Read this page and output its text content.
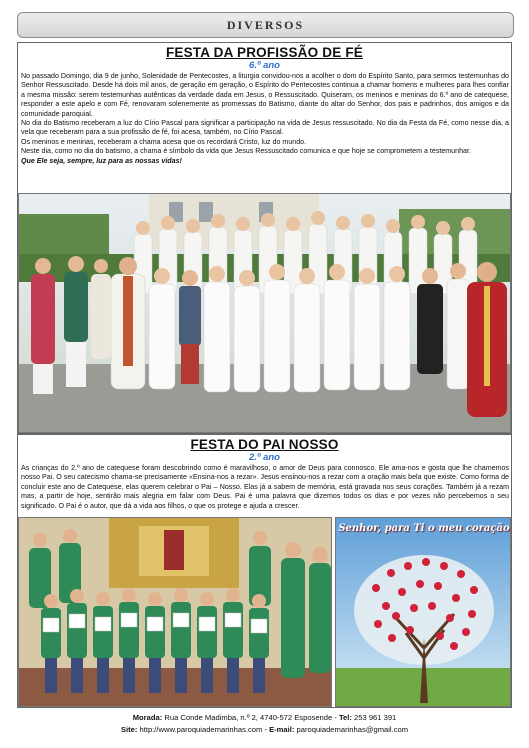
DIVERSOS
FESTA DA PROFISSÃO DE FÉ
6.º ano

No passado Domingo, dia 9 de junho, Solenidade de Pentecostes, a liturgia convidou-nos a acolher o dom do Espírito Santo, para sermos testemunhas do Senhor Ressuscitado. Desde há dois mil anos, de geração em geração, o Espírito do Pentecostes continua a chamar homens e mulheres para lhes confiar a mesma missão: serem testemunhas autênticas da verdade dada em Jesus, o Ressuscitado. Quiseram, os meninos e meninas do 6.º ano de catequese, responder a este apelo e com Fé, renovaram solenemente as promessas do Batismo, diante do altar do Senhor, dos pais e padrinhos, dos amigos e da comunidade paroquial.

No dia do Batismo receberam a luz do Círio Pascal para significar a participação na vida de Jesus ressuscitado. No dia da Festa da Fé, como nesse dia, a vela que receberam para a sua profissão de fé, foi acesa, também, no Círio Pascal.

Os meninos e meninas, receberam a chama acesa que os recordará Cristo, luz do mundo.

Neste dia, como no dia do batismo, a chama é símbolo da vida que Jesus Ressuscitado comunica e que hoje se comprometem a testemunhar.

Que Ele seja, sempre, luz para as nossas vidas!

FESTA DO PAI NOSSO
2.º ano

As crianças do 2.º ano de catequese foram descobrindo como é maravilhoso, o amor de Deus para connosco. Ele ama-nos e gosta que lhe chamemos nosso Pai. O seu catecismo chama-se precisamente «Ensina-nos a rezar». Jesus ensinou-nos a rezar com a oração mais bela que existe. Como forma de concluir este ano de Catequese, elas querem celebrar o Pai – Nosso. Elas já a sabem de memória, está gravada nos seus corações. Também já a rezam mas, a partir de hoje, sentirão mais alegria em falar com Deus. Pai é uma palavra que dizemos todos os dias e por vezes não percebemos o seu significado. O Pai é o autor, que dá a vida aos filhos, o que os protege e ajuda a crescer.

Senhor, para Ti o meu coração
Morada: Rua Conde Madimba, n.º 2, 4740-572 Esposende - Tel: 253 961 391
Site: http://www.paroquiademarinhas.com - E-mail: paroquiademarinhas@gmail.com
